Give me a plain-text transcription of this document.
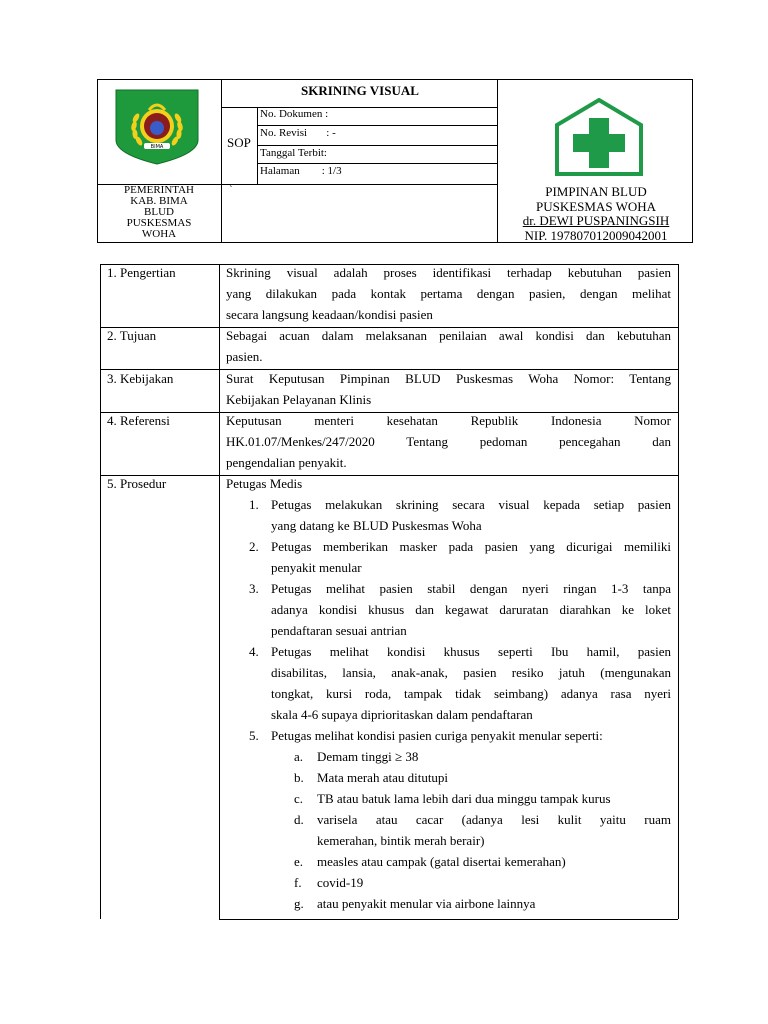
SKRINING VISUAL
SOP
No. Dokumen :
No. Revisi       : -
Tanggal Terbit:
Halaman        : 1/3
`
BIMA
PEMERINTAH
KAB. BIMA
BLUD
PUSKESMAS
WOHA
PIMPINAN BLUD
PUSKESMAS WOHA
dr. DEWI PUSPANINGSIH
NIP. 197807012009042001
1. Pengertian	Skrining visual adalah proses identifikasi terhadap kebutuhan pasien
yang dilakukan pada kontak pertama dengan pasien, dengan melihat
secara langsung keadaan/kondisi pasien
2. Tujuan	Sebagai acuan dalam melaksanan penilaian awal kondisi dan kebutuhan
pasien.
3. Kebijakan	Surat Keputusan Pimpinan BLUD Puskesmas Woha Nomor: Tentang
Kebijakan Pelayanan Klinis
4. Referensi	Keputusan menteri kesehatan Republik Indonesia Nomor
HK.01.07/Menkes/247/2020 Tentang pedoman pencegahan dan
pengendalian penyakit.
5. Prosedur	Petugas Medis
1. Petugas melakukan skrining secara visual kepada setiap pasien
yang datang ke BLUD Puskesmas Woha
2. Petugas memberikan masker pada pasien yang dicurigai memiliki
penyakit menular
3. Petugas melihat pasien stabil dengan nyeri ringan 1-3 tanpa
adanya kondisi khusus dan kegawat daruratan diarahkan ke loket
pendaftaran sesuai antrian
4. Petugas melihat kondisi khusus seperti Ibu hamil, pasien
disabilitas, lansia, anak-anak, pasien resiko jatuh (mengunakan
tongkat, kursi roda, tampak tidak seimbang) adanya rasa nyeri
skala 4-6 supaya diprioritaskan dalam pendaftaran
5. Petugas melihat kondisi pasien curiga penyakit menular seperti:
a. Demam tinggi ≥ 38
b. Mata merah atau ditutupi
c. TB atau batuk lama lebih dari dua minggu tampak kurus
d. varisela atau cacar (adanya lesi kulit yaitu ruam
kemerahan, bintik merah berair)
e. measles atau campak (gatal disertai kemerahan)
f. covid-19
g. atau penyakit menular via airbone lainnya
